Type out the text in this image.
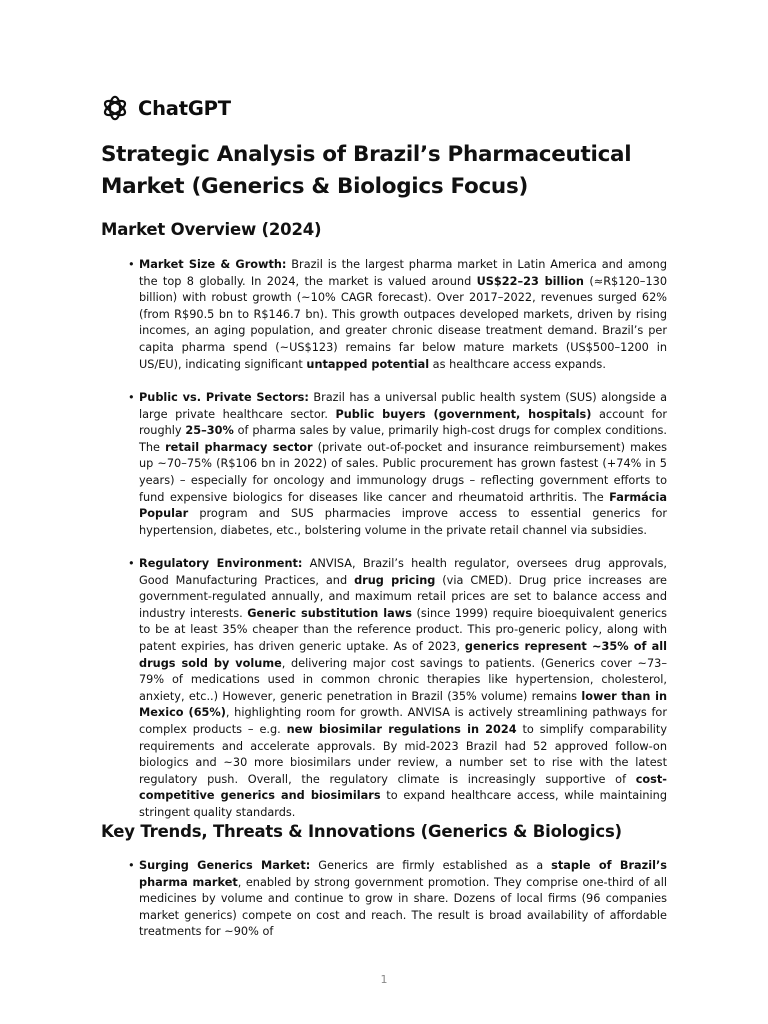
ChatGPT
Strategic Analysis of Brazil’s Pharmaceutical Market (Generics & Biologics Focus)
Market Overview (2024)
• Market Size & Growth: Brazil is the largest pharma market in Latin America and among the top 8 globally. In 2024, the market is valued around US$22–23 billion (≈R$120–130 billion) with robust growth (~10% CAGR forecast). Over 2017–2022, revenues surged 62% (from R$90.5 bn to R$146.7 bn). This growth outpaces developed markets, driven by rising incomes, an aging population, and greater chronic disease treatment demand. Brazil’s per capita pharma spend (~US$123) remains far below mature markets (US$500–1200 in US/EU), indicating significant untapped potential as healthcare access expands.
• Public vs. Private Sectors: Brazil has a universal public health system (SUS) alongside a large private healthcare sector. Public buyers (government, hospitals) account for roughly 25–30% of pharma sales by value, primarily high-cost drugs for complex conditions. The retail pharmacy sector (private out-of-pocket and insurance reimbursement) makes up ~70–75% (R$106 bn in 2022) of sales. Public procurement has grown fastest (+74% in 5 years) – especially for oncology and immunology drugs – reflecting government efforts to fund expensive biologics for diseases like cancer and rheumatoid arthritis. The Farmácia Popular program and SUS pharmacies improve access to essential generics for hypertension, diabetes, etc., bolstering volume in the private retail channel via subsidies.
• Regulatory Environment: ANVISA, Brazil’s health regulator, oversees drug approvals, Good Manufacturing Practices, and drug pricing (via CMED). Drug price increases are government-regulated annually, and maximum retail prices are set to balance access and industry interests. Generic substitution laws (since 1999) require bioequivalent generics to be at least 35% cheaper than the reference product. This pro-generic policy, along with patent expiries, has driven generic uptake. As of 2023, generics represent ~35% of all drugs sold by volume, delivering major cost savings to patients. (Generics cover ~73–79% of medications used in common chronic therapies like hypertension, cholesterol, anxiety, etc..) However, generic penetration in Brazil (35% volume) remains lower than in Mexico (65%), highlighting room for growth. ANVISA is actively streamlining pathways for complex products – e.g. new biosimilar regulations in 2024 to simplify comparability requirements and accelerate approvals. By mid-2023 Brazil had 52 approved follow-on biologics and ~30 more biosimilars under review, a number set to rise with the latest regulatory push. Overall, the regulatory climate is increasingly supportive of cost-competitive generics and biosimilars to expand healthcare access, while maintaining stringent quality standards.
Key Trends, Threats & Innovations (Generics & Biologics)
• Surging Generics Market: Generics are firmly established as a staple of Brazil’s pharma market, enabled by strong government promotion. They comprise one-third of all medicines by volume and continue to grow in share. Dozens of local firms (96 companies market generics) compete on cost and reach. The result is broad availability of affordable treatments for ~90% of
1
